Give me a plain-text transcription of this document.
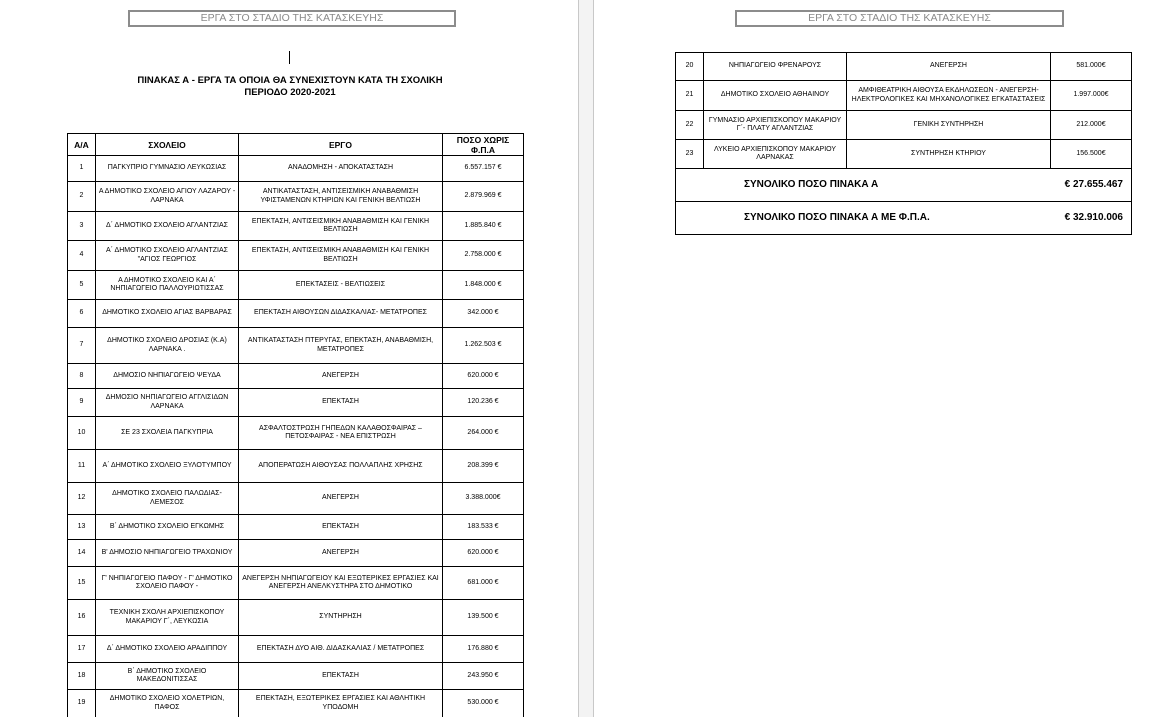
ΕΡΓΑ ΣΤΟ ΣΤΑΔΙΟ ΤΗΣ ΚΑΤΑΣΚΕΥΗΣ
ΠΙΝΑΚΑΣ Α - ΕΡΓΑ ΤΑ ΟΠΟΙΑ ΘΑ ΣΥΝΕΧΙΣΤΟΥΝ ΚΑΤΑ ΤΗ ΣΧΟΛΙΚΗ
ΠΕΡΙΟΔΟ 2020-2021
Α/Α	ΣΧΟΛΕΙΟ	ΕΡΓΟ	ΠΟΣΟ ΧΩΡΙΣ
Φ.Π.Α
1	ΠΑΓΚΥΠΡΙΟ ΓΥΜΝΑΣΙΟ ΛΕΥΚΩΣΙΑΣ	ΑΝΑΔΟΜΗΣΗ - ΑΠΟΚΑΤΑΣΤΑΣΗ	6.557.157 €
2	Α ΔΗΜΟΤΙΚΟ ΣΧΟΛΕΙΟ ΑΓΙΟΥ ΛΑΖΑΡΟΥ - ΛΑΡΝΑΚΑ	ΑΝΤΙΚΑΤΑΣΤΑΣΗ, ΑΝΤΙΣΕΙΣΜΙΚΗ ΑΝΑΒΑΘΜΙΣΗ ΥΦΙΣΤΑΜΕΝΩΝ ΚΤΗΡΙΩΝ ΚΑΙ ΓΕΝΙΚΗ ΒΕΛΤΙΩΣΗ	2.879.969 €
3	Δ΄ ΔΗΜΟΤΙΚΟ ΣΧΟΛΕΙΟ ΑΓΛΑΝΤΖΙΑΣ	ΕΠΕΚΤΑΣΗ, ΑΝΤΙΣΕΙΣΜΙΚΗ ΑΝΑΒΑΘΜΙΣΗ ΚΑΙ ΓΕΝΙΚΗ ΒΕΛΤΙΩΣΗ	1.885.840 €
4	Α΄ ΔΗΜΟΤΙΚΟ ΣΧΟΛΕΙΟ ΑΓΛΑΝΤΖΙΑΣ "ΑΓΙΟΣ ΓΕΩΡΓΙΟΣ	ΕΠΕΚΤΑΣΗ, ΑΝΤΙΣΕΙΣΜΙΚΗ ΑΝΑΒΑΘΜΙΣΗ ΚΑΙ ΓΕΝΙΚΗ ΒΕΛΤΙΩΣΗ	2.758.000 €
5	Α ΔΗΜΟΤΙΚΟ ΣΧΟΛΕΙΟ ΚΑΙ Α΄ ΝΗΠΙΑΓΩΓΕΙΟ ΠΑΛΛΟΥΡΙΩΤΙΣΣΑΣ	ΕΠΕΚΤΑΣΕΙΣ - ΒΕΛΤΙΩΣΕΙΣ	1.848.000 €
6	ΔΗΜΟΤΙΚΟ ΣΧΟΛΕΙΟ ΑΓΙΑΣ ΒΑΡΒΑΡΑΣ	ΕΠΕΚΤΑΣΗ ΑΙΘΟΥΣΩΝ ΔΙΔΑΣΚΑΛΙΑΣ- ΜΕΤΑΤΡΟΠΕΣ	342.000 €
7	ΔΗΜΟΤΙΚΟ ΣΧΟΛΕΙΟ ΔΡΟΣΙΑΣ (Κ.Α) ΛΑΡΝΑΚΑ .	ΑΝΤΙΚΑΤΑΣΤΑΣΗ ΠΤΕΡΥΓΑΣ, ΕΠΕΚΤΑΣΗ, ΑΝΑΒΑΘΜΙΣΗ, ΜΕΤΑΤΡΟΠΕΣ	1.262.503 €
8	ΔΗΜΟΣΙΟ ΝΗΠΙΑΓΩΓΕΙΟ ΨΕΥΔΑ	ΑΝΕΓΕΡΣΗ	620.000 €
9	ΔΗΜΟΣΙΟ ΝΗΠΙΑΓΩΓΕΙΟ ΑΓΓΛΙΣΙΔΩΝ ΛΑΡΝΑΚΑ	ΕΠΕΚΤΑΣΗ	120.236 €
10	ΣΕ 23 ΣΧΟΛΕΙΑ ΠΑΓΚΥΠΡΙΑ	ΑΣΦΑΛΤΟΣΤΡΩΣΗ ΓΗΠΕΔΩΝ ΚΑΛΑΘΟΣΦΑΙΡΑΣ – ΠΕΤΟΣΦΑΙΡΑΣ - ΝΕΑ ΕΠΙΣΤΡΩΣΗ	264.000 €
11	Α΄ ΔΗΜΟΤΙΚΟ ΣΧΟΛΕΙΟ ΞΥΛΟΤΥΜΠΟΥ	ΑΠΟΠΕΡΑΤΩΣΗ ΑΙΘΟΥΣΑΣ ΠΟΛΛΑΠΛΗΣ ΧΡΗΣΗΣ	208.399 €
12	ΔΗΜΟΤΙΚΟ ΣΧΟΛΕΙΟ ΠΑΛΩΔΙΑΣ- ΛΕΜΕΣΟΣ	ΑΝΕΓΕΡΣΗ	3.388.000€
13	Β΄ ΔΗΜΟΤΙΚΟ ΣΧΟΛΕΙΟ ΕΓΚΩΜΗΣ	ΕΠΕΚΤΑΣΗ	183.533 €
14	Β' ΔΗΜΟΣΙΟ ΝΗΠΙΑΓΩΓΕΙΟ ΤΡΑΧΩΝΙΟΥ	ΑΝΕΓΕΡΣΗ	620.000 €
15	Γ' ΝΗΠΙΑΓΩΓΕΙΟ ΠΑΦΟΥ - Γ' ΔΗΜΟΤΙΚΟ ΣΧΟΛΕΙΟ ΠΑΦΟΥ -	ΑΝΕΓΕΡΣΗ ΝΗΠΙΑΓΩΓΕΙΟΥ ΚΑΙ ΕΞΩΤΕΡΙΚΕΣ ΕΡΓΑΣΙΕΣ ΚΑΙ ΑΝΕΓΕΡΣΗ ΑΝΕΛΚΥΣΤΗΡΑ ΣΤΟ ΔΗΜΟΤΙΚΟ	681.000 €
16	ΤΕΧΝΙΚΗ ΣΧΟΛΗ ΑΡΧΙΕΠΙΣΚΟΠΟΥ ΜΑΚΑΡΙΟΥ Γ΄, ΛΕΥΚΩΣΙΑ	ΣΥΝΤΗΡΗΣΗ	139.500 €
17	Δ΄ ΔΗΜΟΤΙΚΟ ΣΧΟΛΕΙΟ ΑΡΑΔΙΠΠΟΥ	ΕΠΕΚΤΑΣΗ ΔΥΟ ΑΙΘ. ΔΙΔΑΣΚΑΛΙΑΣ / ΜΕΤΑΤΡΟΠΕΣ	176.880 €
18	Β΄ ΔΗΜΟΤΙΚΟ ΣΧΟΛΕΙΟ ΜΑΚΕΔΟΝΙΤΙΣΣΑΣ	ΕΠΕΚΤΑΣΗ	243.950 €
19	ΔΗΜΟΤΙΚΟ ΣΧΟΛΕΙΟ ΧΟΛΕΤΡΙΩΝ, ΠΑΦΟΣ	ΕΠΕΚΤΑΣΗ, ΕΞΩΤΕΡΙΚΕΣ ΕΡΓΑΣΙΕΣ ΚΑΙ ΑΘΛΗΤΙΚΗ ΥΠΟΔΟΜΗ	530.000 €
ΕΡΓΑ ΣΤΟ ΣΤΑΔΙΟ ΤΗΣ ΚΑΤΑΣΚΕΥΗΣ
20	ΝΗΠΙΑΓΩΓΕΙΟ ΦΡΕΝΑΡΟΥΣ	ΑΝΕΓΕΡΣΗ	581.000€
21	ΔΗΜΟΤΙΚΟ ΣΧΟΛΕΙΟ ΑΘΗΑΙΝΟΥ	ΑΜΦΙΘΕΑΤΡΙΚΗ ΑΙΘΟΥΣΑ ΕΚΔΗΛΩΣΕΩΝ - ΑΝΕΓΕΡΣΗ- ΗΛΕΚΤΡΟΛΟΓΙΚΕΣ ΚΑΙ ΜΗΧΑΝΟΛΟΓΙΚΕΣ ΕΓΚΑΤΑΣΤΑΣΕΙΣ	1.997.000€
22	ΓΥΜΝΑΣΙΟ ΑΡΧΙΕΠΙΣΚΟΠΟΥ ΜΑΚΑΡΙΟΥ Γ΄- ΠΛΑΤΥ ΑΓΛΑΝΤΖΙΑΣ	ΓΕΝΙΚΗ ΣΥΝΤΗΡΗΣΗ	212.000€
23	ΛΥΚΕΙΟ ΑΡΧΙΕΠΙΣΚΟΠΟΥ ΜΑΚΑΡΙΟΥ ΛΑΡΝΑΚΑΣ	ΣΥΝΤΗΡΗΣΗ ΚΤΗΡΙΟΥ	156.500€
ΣΥΝΟΛΙΚΟ ΠΟΣΟ ΠΙΝΑΚΑ Α			€ 27.655.467
ΣΥΝΟΛΙΚΟ ΠΟΣΟ ΠΙΝΑΚΑ Α ΜΕ Φ.Π.Α.			€ 32.910.006
